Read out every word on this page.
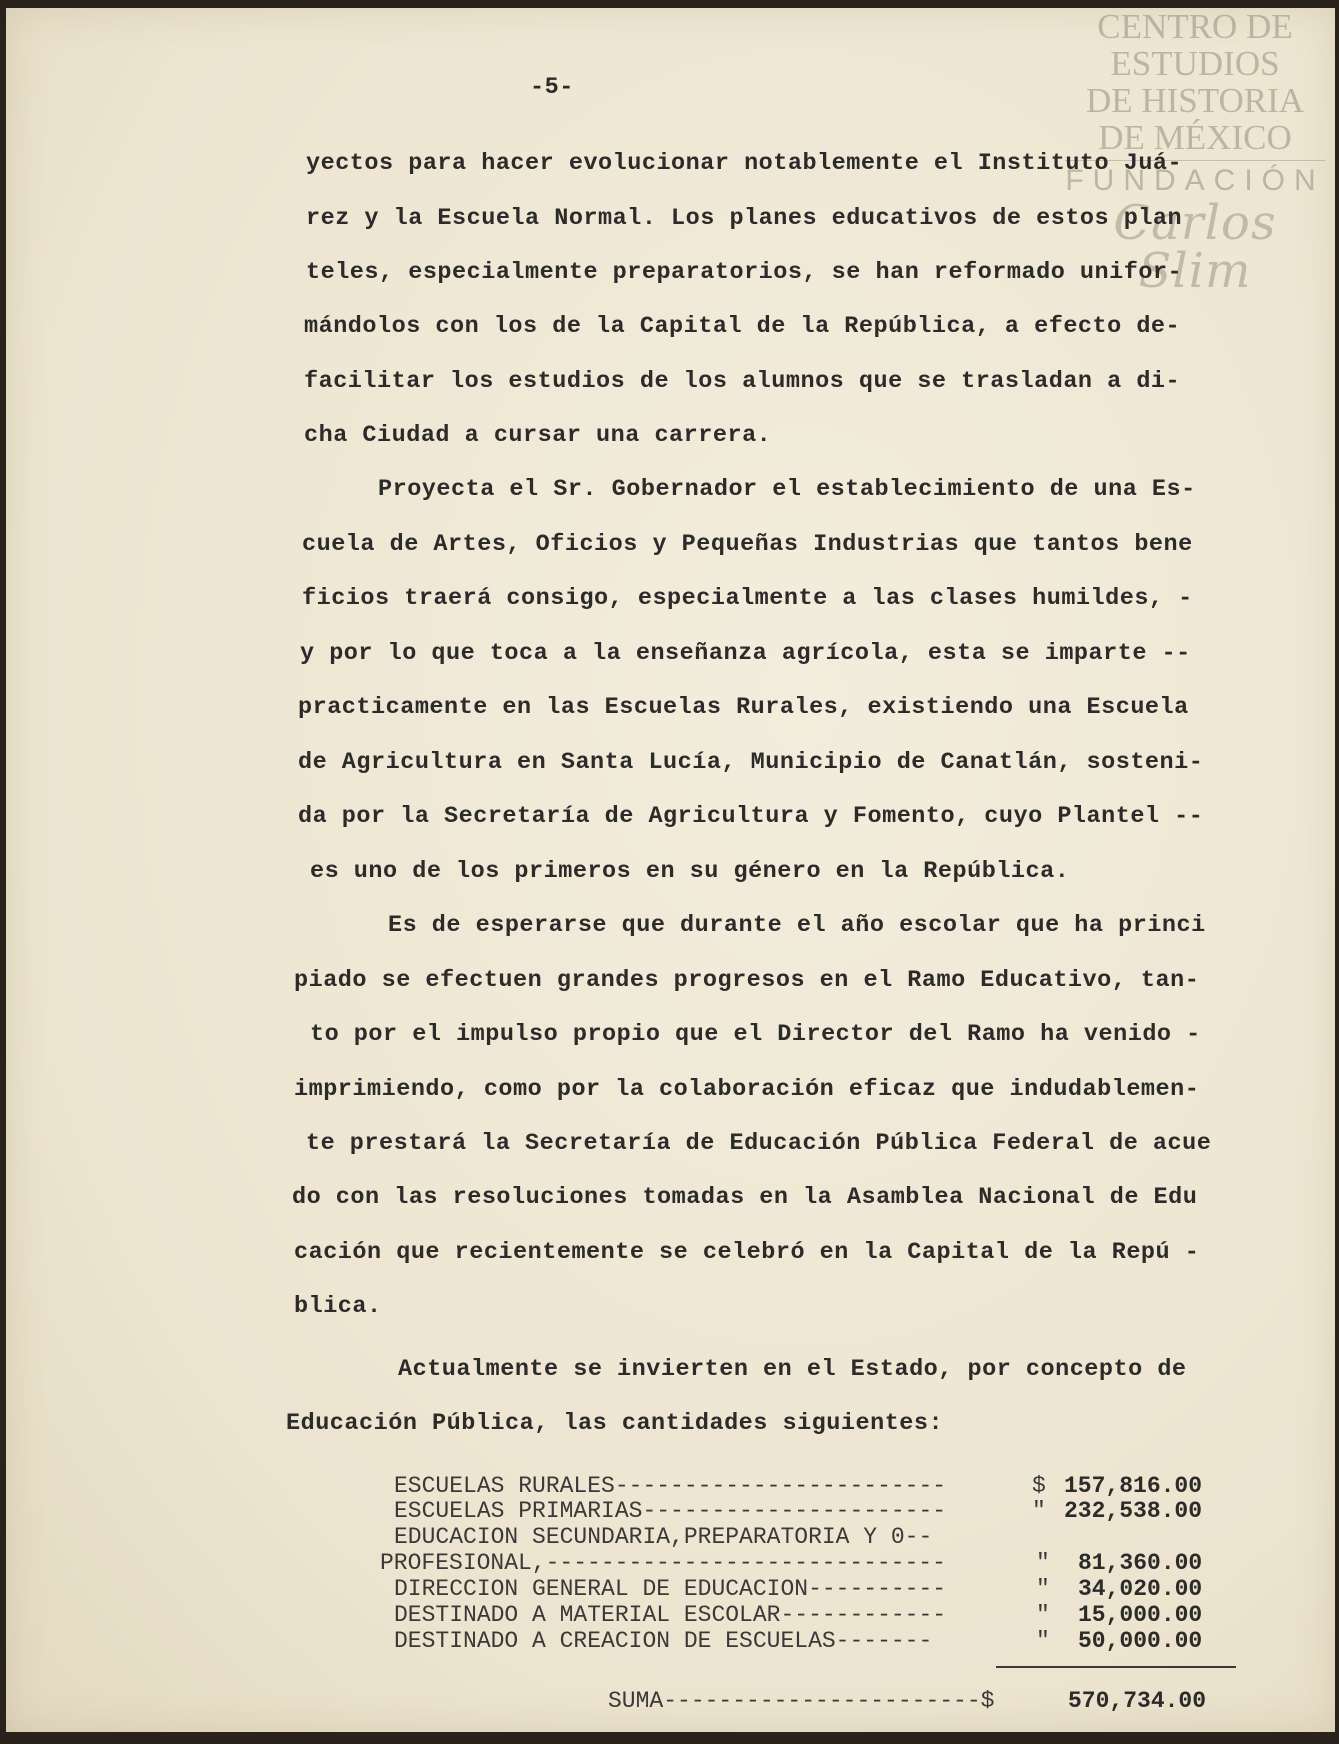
CENTRO DE
ESTUDIOS
DE HISTORIA
DE MÉXICO
FUNDACIÓN
Carlos Slim
-5-
yectos para hacer evolucionar notablemente el Instituto Juá-
rez y la Escuela Normal. Los planes educativos de estos plan
teles, especialmente preparatorios, se han reformado unifor-
mándolos con los de la Capital de la República, a efecto de-
facilitar los estudios de los alumnos que se trasladan a di-
cha Ciudad a cursar una carrera.
Proyecta el Sr. Gobernador el establecimiento de una Es-
cuela de Artes, Oficios y Pequeñas Industrias que tantos bene
ficios traerá consigo, especialmente a las clases humildes, -
y por lo que toca a la enseñanza agrícola, esta se imparte --
practicamente en las Escuelas Rurales, existiendo una Escuela
de Agricultura en Santa Lucía, Municipio de Canatlán, sosteni-
da por la Secretaría de Agricultura y Fomento, cuyo Plantel --
es uno de los primeros en su género en la República.
Es de esperarse que durante el año escolar que ha princi
piado se efectuen grandes progresos en el Ramo Educativo, tan-
to por el impulso propio que el Director del Ramo ha venido -
imprimiendo, como por la colaboración eficaz que indudablemen-
te prestará la Secretaría de Educación Pública Federal de acue
do con las resoluciones tomadas en la Asamblea Nacional de Edu
cación que recientemente se celebró en la Capital de la Repú -
blica.
Actualmente se invierten en el Estado, por concepto de
Educación Pública, las cantidades siguientes:
ESCUELAS RURALES------------------------	$ 157,816.00
ESCUELAS PRIMARIAS----------------------	" 232,538.00
EDUCACION SECUNDARIA,PREPARATORIA Y 0--
PROFESIONAL,-----------------------------	" 81,360.00
DIRECCION GENERAL DE EDUCACION----------	" 34,020.00
DESTINADO A MATERIAL ESCOLAR------------	" 15,000.00
DESTINADO A CREACION DE ESCUELAS-------	" 50,000.00
SUMA-----------------------$	570,734.00
